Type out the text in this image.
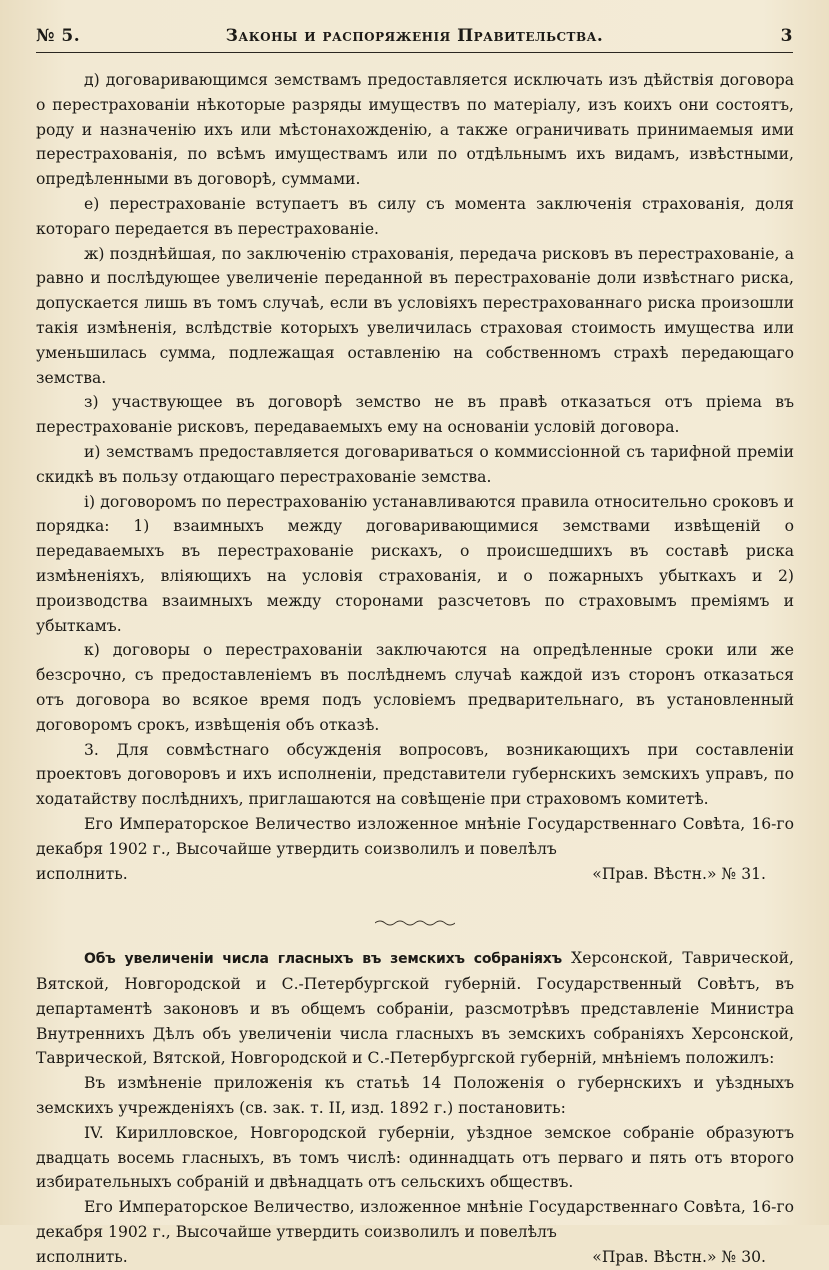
№ 5.	Законы и распоряженія Правительства.	3

д) договаривающимся земствамъ предоставляется исключать изъ дѣйствія договора о перестрахованіи нѣкоторые разряды имуществъ по матеріалу, изъ коихъ они состоятъ, роду и назначенію ихъ или мѣстонахожденію, а также ограничивать принимаемыя ими перестрахованія, по всѣмъ имуществамъ или по отдѣльнымъ ихъ видамъ, извѣстными, опредѣленными въ договорѣ, суммами.

е) перестрахованіе вступаетъ въ силу съ момента заключенія страхованія, доля котораго передается въ перестрахованіе.

ж) позднѣйшая, по заключенію страхованія, передача рисковъ въ перестрахованіе, а равно и послѣдующее увеличеніе переданной въ перестрахованіе доли извѣстнаго риска, допускается лишь въ томъ случаѣ, если въ условіяхъ перестрахованнаго риска произошли такія измѣненія, вслѣдствіе которыхъ увеличилась страховая стоимость имущества или уменьшилась сумма, подлежащая оставленію на собственномъ страхѣ передающаго земства.

з) участвующее въ договорѣ земство не въ правѣ отказаться отъ пріема въ перестрахованіе рисковъ, передаваемыхъ ему на основаніи условій договора.

и) земствамъ предоставляется договариваться о коммиссіонной съ тарифной преміи скидкѣ въ пользу отдающаго перестрахованіе земства.

і) договоромъ по перестрахованію устанавливаются правила относительно сроковъ и порядка: 1) взаимныхъ между договаривающимися земствами извѣщеній о передаваемыхъ въ перестрахованіе рискахъ, о происшедшихъ въ составѣ риска измѣненіяхъ, вліяющихъ на условія страхованія, и о пожарныхъ убыткахъ и 2) производства взаимныхъ между сторонами разсчетовъ по страховымъ преміямъ и убыткамъ.

к) договоры о перестрахованіи заключаются на опредѣленные сроки или же безсрочно, съ предоставленіемъ въ послѣднемъ случаѣ каждой изъ сторонъ отказаться отъ договора во всякое время подъ условіемъ предварительнаго, въ установленный договоромъ срокъ, извѣщенія объ отказѣ.

3. Для совмѣстнаго обсужденія вопросовъ, возникающихъ при составленіи проектовъ договоровъ и ихъ исполненіи, представители губернскихъ земскихъ управъ, по ходатайству послѣднихъ, приглашаются на совѣщеніе при страховомъ комитетѣ.

Его Императорское Величество изложенное мнѣніе Государственнаго Совѣта, 16-го декабря 1902 г., Высочайше утвердить соизволилъ и повелѣлъ

исполнить.	«Прав. Вѣстн.» № 31.

Объ увеличеніи числа гласныхъ въ земскихъ собраніяхъ Херсонской, Таврической, Вятской, Новгородской и С.-Петербургской губерній. Государственный Совѣтъ, въ департаментѣ законовъ и въ общемъ собраніи, разсмотрѣвъ представленіе Министра Внутреннихъ Дѣлъ объ увеличеніи числа гласныхъ въ земскихъ собраніяхъ Херсонской, Таврической, Вятской, Новгородской и С.-Петербургской губерній, мнѣніемъ положилъ:

Въ измѣненіе приложенія къ статьѣ 14 Положенія о губернскихъ и уѣздныхъ земскихъ учрежденіяхъ (св. зак. т. II, изд. 1892 г.) постановить:

IV. Кирилловское, Новгородской губерніи, уѣздное земское собраніе образуютъ двадцать восемь гласныхъ, въ томъ числѣ: одиннадцать отъ перваго и пять отъ второго избирательныхъ собраній и двѣнадцать отъ сельскихъ обществъ.

Его Императорское Величество, изложенное мнѣніе Государственнаго Совѣта, 16-го декабря 1902 г., Высочайше утвердить соизволилъ и повелѣлъ

исполнить.	«Прав. Вѣстн.» № 30.
